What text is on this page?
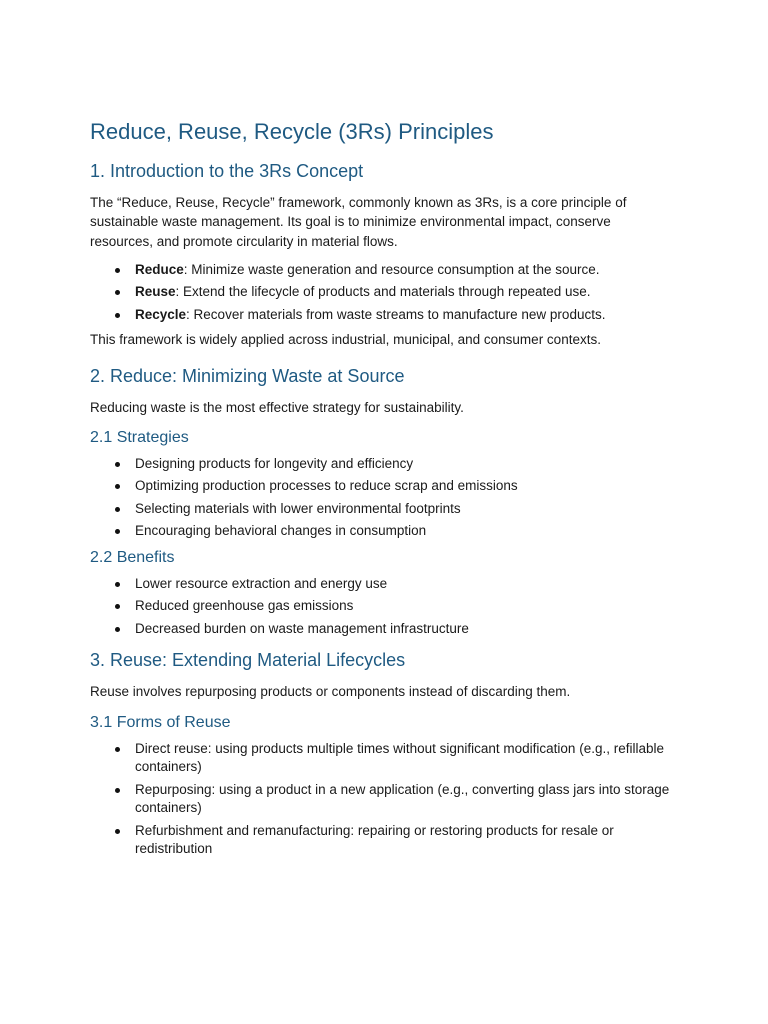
Reduce, Reuse, Recycle (3Rs) Principles
1. Introduction to the 3Rs Concept

The “Reduce, Reuse, Recycle” framework, commonly known as 3Rs, is a core principle of sustainable waste management. Its goal is to minimize environmental impact, conserve resources, and promote circularity in material flows.

Reduce: Minimize waste generation and resource consumption at the source.
Reuse: Extend the lifecycle of products and materials through repeated use.
Recycle: Recover materials from waste streams to manufacture new products.

This framework is widely applied across industrial, municipal, and consumer contexts.

2. Reduce: Minimizing Waste at Source

Reducing waste is the most effective strategy for sustainability.

2.1 Strategies
Designing products for longevity and efficiency
Optimizing production processes to reduce scrap and emissions
Selecting materials with lower environmental footprints
Encouraging behavioral changes in consumption
2.2 Benefits
Lower resource extraction and energy use
Reduced greenhouse gas emissions
Decreased burden on waste management infrastructure
3. Reuse: Extending Material Lifecycles

Reuse involves repurposing products or components instead of discarding them.

3.1 Forms of Reuse
Direct reuse: using products multiple times without significant modification (e.g., refillable containers)
Repurposing: using a product in a new application (e.g., converting glass jars into storage containers)
Refurbishment and remanufacturing: repairing or restoring products for resale or redistribution
